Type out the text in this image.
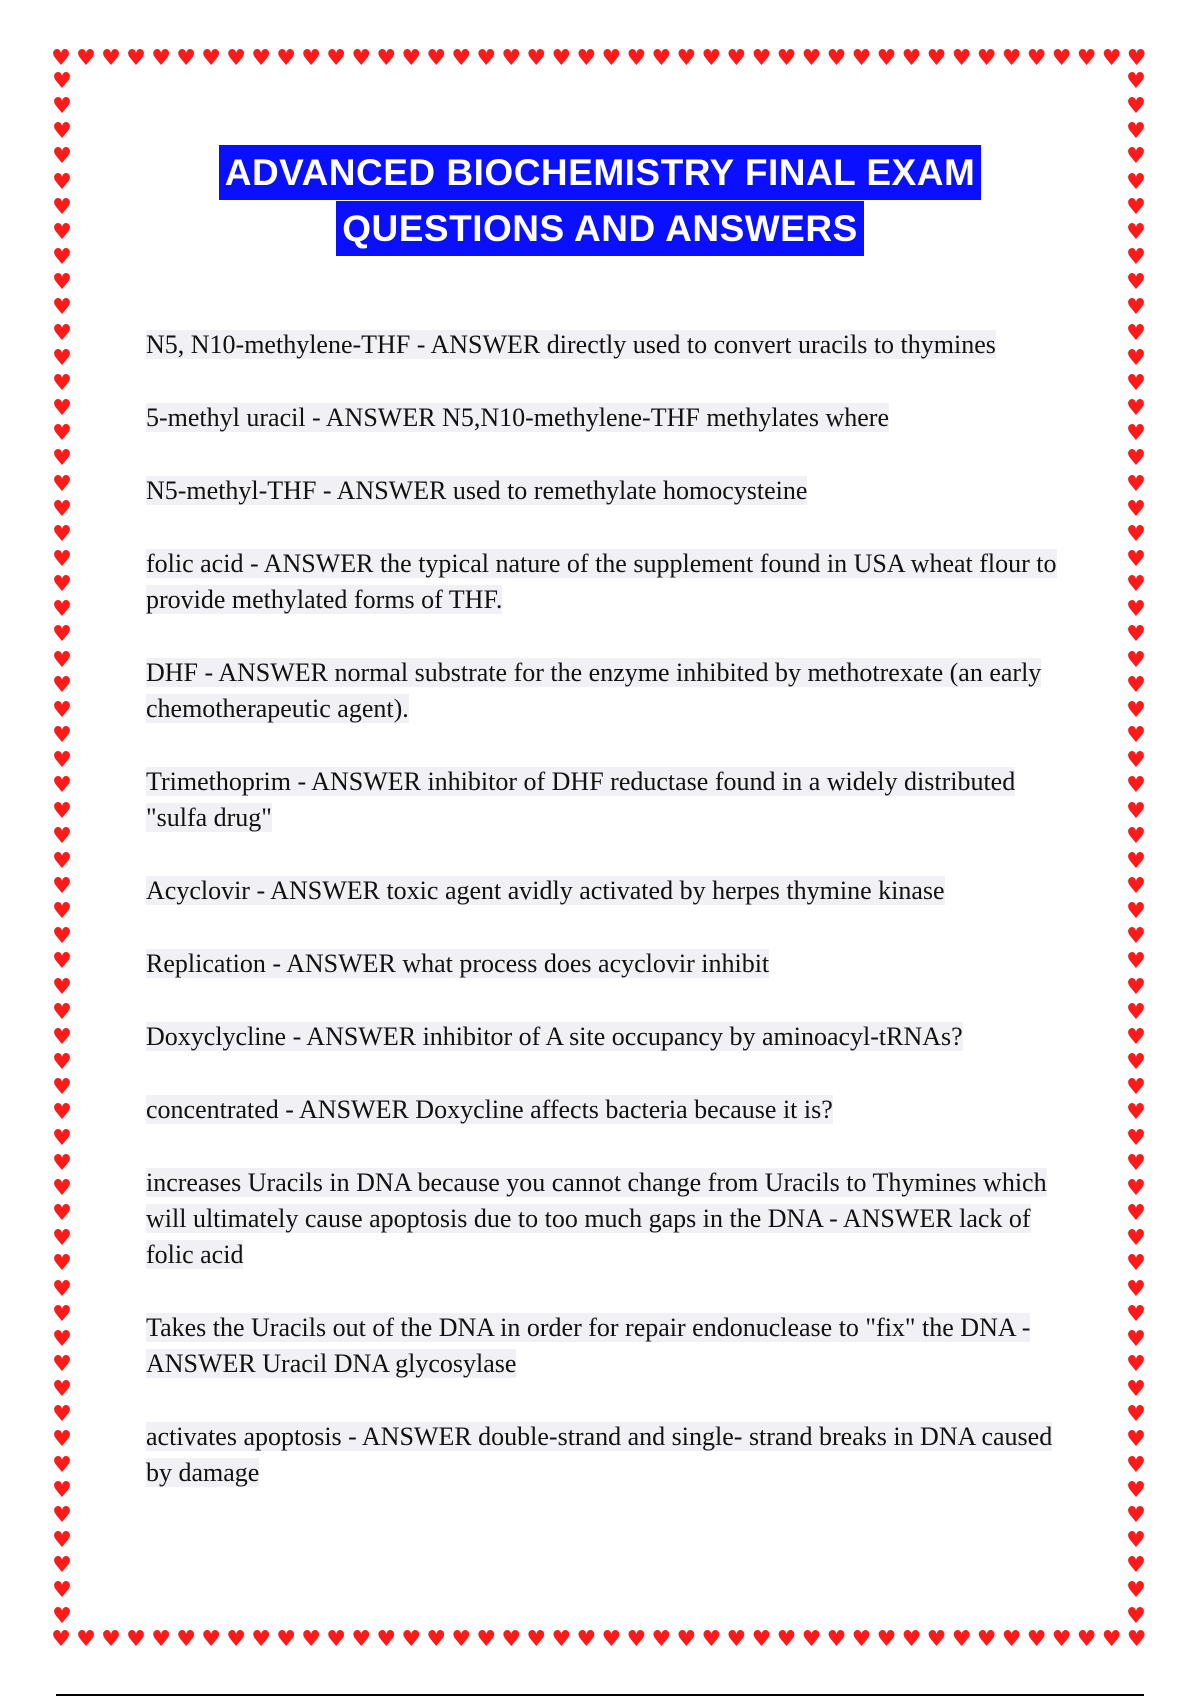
♥ ♥ ♥ ♥ ♥ ♥ ♥ ♥ ♥ ♥ ♥ ♥ ♥ ♥ ♥ ♥ ♥ ♥ ♥ ♥ ♥ ♥ ♥ ♥ ♥ ♥ ♥ ♥ ♥ ♥ ♥ ♥ ♥ ♥ ♥ ♥ ♥ ♥ ♥ ♥ ♥ ♥ ♥ ♥
♥
♥
♥
♥
♥
♥
♥
♥
♥
♥
♥
♥
♥
♥
♥
♥
♥
♥
♥
♥
♥
♥
♥
♥
♥
♥
♥
♥
♥
♥
♥
♥
♥
♥
♥
♥
♥
♥
♥
♥
♥
♥
♥
♥
♥
♥
♥
♥
♥
♥
♥
♥
♥
♥
♥
♥
♥
♥
♥
♥
♥
♥
♥
♥
♥
♥
♥
♥
♥
♥
♥
♥
♥
♥
♥
♥
♥
♥
♥
♥
♥
♥
♥
♥
♥
♥
♥
♥
♥
♥
♥
♥
♥
♥
♥
♥
♥
♥
♥
♥
♥
♥
♥
♥
♥
♥
♥
♥
♥
♥
♥
♥
♥
♥
♥
♥
♥
♥
♥
♥
♥
♥
♥
♥
♥ ♥ ♥ ♥ ♥ ♥ ♥ ♥ ♥ ♥ ♥ ♥ ♥ ♥ ♥ ♥ ♥ ♥ ♥ ♥ ♥ ♥ ♥ ♥ ♥ ♥ ♥ ♥ ♥ ♥ ♥ ♥ ♥ ♥ ♥ ♥ ♥ ♥ ♥ ♥ ♥ ♥ ♥ ♥
ADVANCED BIOCHEMISTRY FINAL EXAM
QUESTIONS AND ANSWERS
N5, N10-methylene-THF - ANSWER directly used to convert uracils to thymines
5-methyl uracil - ANSWER N5,N10-methylene-THF methylates where
N5-methyl-THF - ANSWER used to remethylate homocysteine
folic acid - ANSWER the typical nature of the supplement found in USA wheat flour to provide methylated forms of THF.
DHF - ANSWER normal substrate for the enzyme inhibited by methotrexate (an early chemotherapeutic agent).
Trimethoprim - ANSWER inhibitor of DHF reductase found in a widely distributed "sulfa drug"
Acyclovir - ANSWER toxic agent avidly activated by herpes thymine kinase
Replication - ANSWER what process does acyclovir inhibit
Doxyclycline - ANSWER inhibitor of A site occupancy by aminoacyl-tRNAs?
concentrated - ANSWER Doxycline affects bacteria because it is?
increases Uracils in DNA because you cannot change from Uracils to Thymines which will ultimately cause apoptosis due to too much gaps in the DNA - ANSWER lack of folic acid
Takes the Uracils out of the DNA in order for repair endonuclease to "fix" the DNA - ANSWER Uracil DNA glycosylase
activates apoptosis - ANSWER double-strand and single- strand breaks in DNA caused by damage
